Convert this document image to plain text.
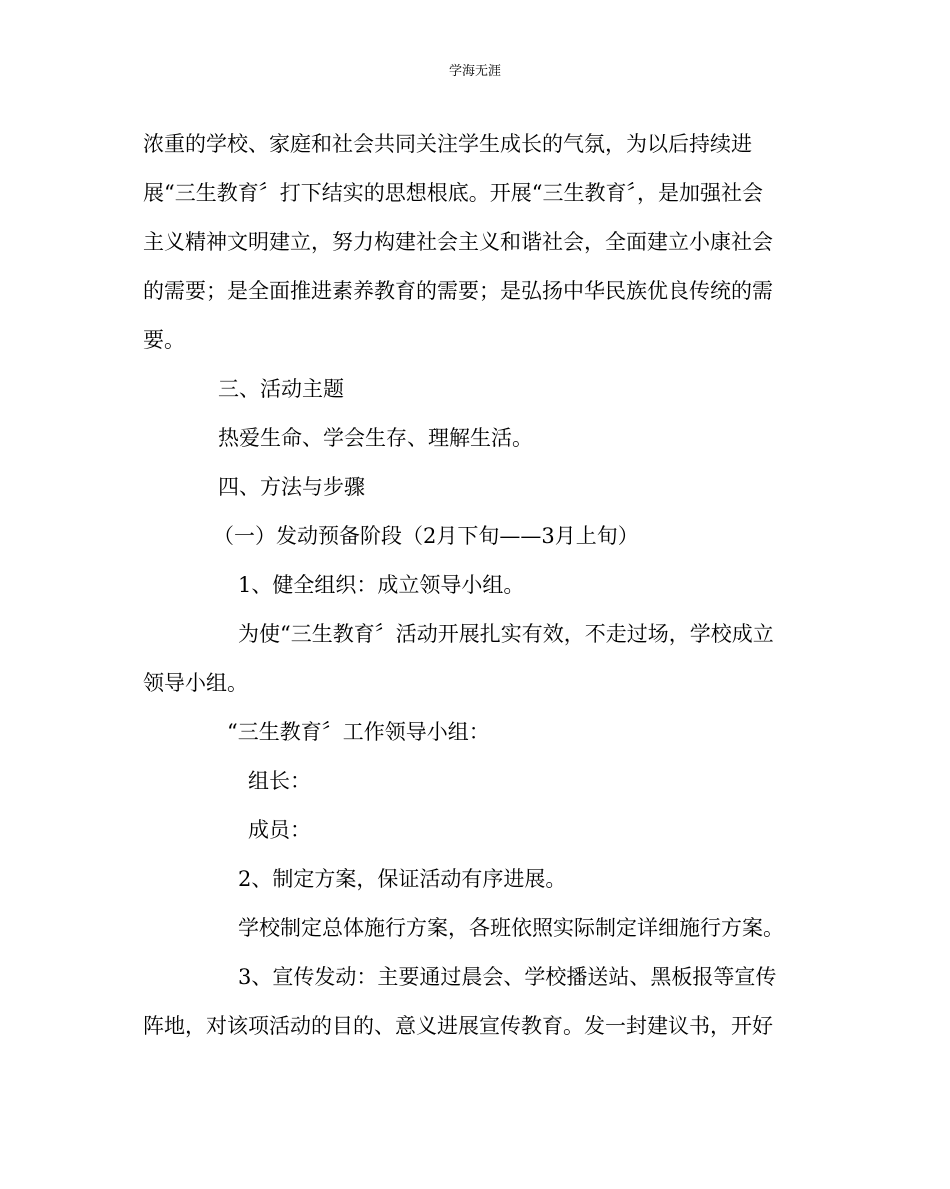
学海无涯
浓重的学校、家庭和社会共同关注学生成长的气氛，为以后持续进
展“三生教育〞打下结实的思想根底。开展“三生教育〞，是加强社会
主义精神文明建立，努力构建社会主义和谐社会，全面建立小康社会
的需要；是全面推进素养教育的需要；是弘扬中华民族优良传统的需
要。
三、活动主题
热爱生命、学会生存、理解生活。
四、方法与步骤
（一）发动预备阶段（2月下旬——3月上旬）
1、健全组织：成立领导小组。
为使“三生教育〞活动开展扎实有效，不走过场，学校成立
领导小组。
“三生教育〞工作领导小组：
组长：
成员：
2、制定方案，保证活动有序进展。
学校制定总体施行方案，各班依照实际制定详细施行方案。
3、宣传发动：主要通过晨会、学校播送站、黑板报等宣传
阵地，对该项活动的目的、意义进展宣传教育。发一封建议书，开好
